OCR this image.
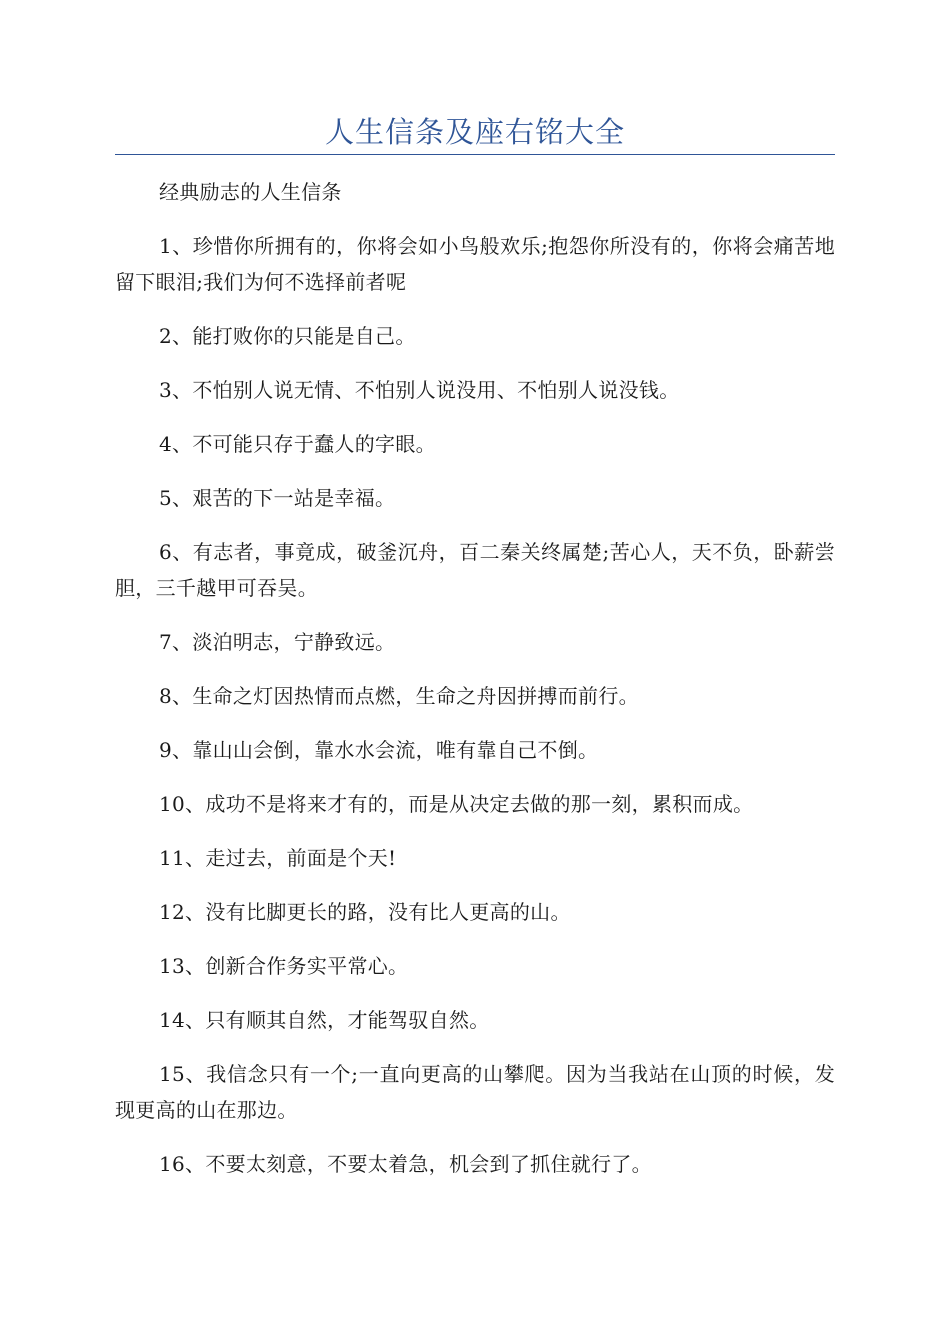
人生信条及座右铭大全

经典励志的人生信条

1、珍惜你所拥有的，你将会如小鸟般欢乐;抱怨你所没有的，你将会痛苦地留下眼泪;我们为何不选择前者呢

2、能打败你的只能是自己。

3、不怕别人说无情、不怕别人说没用、不怕别人说没钱。

4、不可能只存于蠢人的字眼。

5、艰苦的下一站是幸福。

6、有志者，事竟成，破釜沉舟，百二秦关终属楚;苦心人，天不负，卧薪尝胆，三千越甲可吞吴。

7、淡泊明志，宁静致远。

8、生命之灯因热情而点燃，生命之舟因拼搏而前行。

9、靠山山会倒，靠水水会流，唯有靠自己不倒。

10、成功不是将来才有的，而是从决定去做的那一刻，累积而成。

11、走过去，前面是个天!

12、没有比脚更长的路，没有比人更高的山。

13、创新合作务实平常心。

14、只有顺其自然，才能驾驭自然。

15、我信念只有一个;一直向更高的山攀爬。因为当我站在山顶的时候，发现更高的山在那边。

16、不要太刻意，不要太着急，机会到了抓住就行了。
